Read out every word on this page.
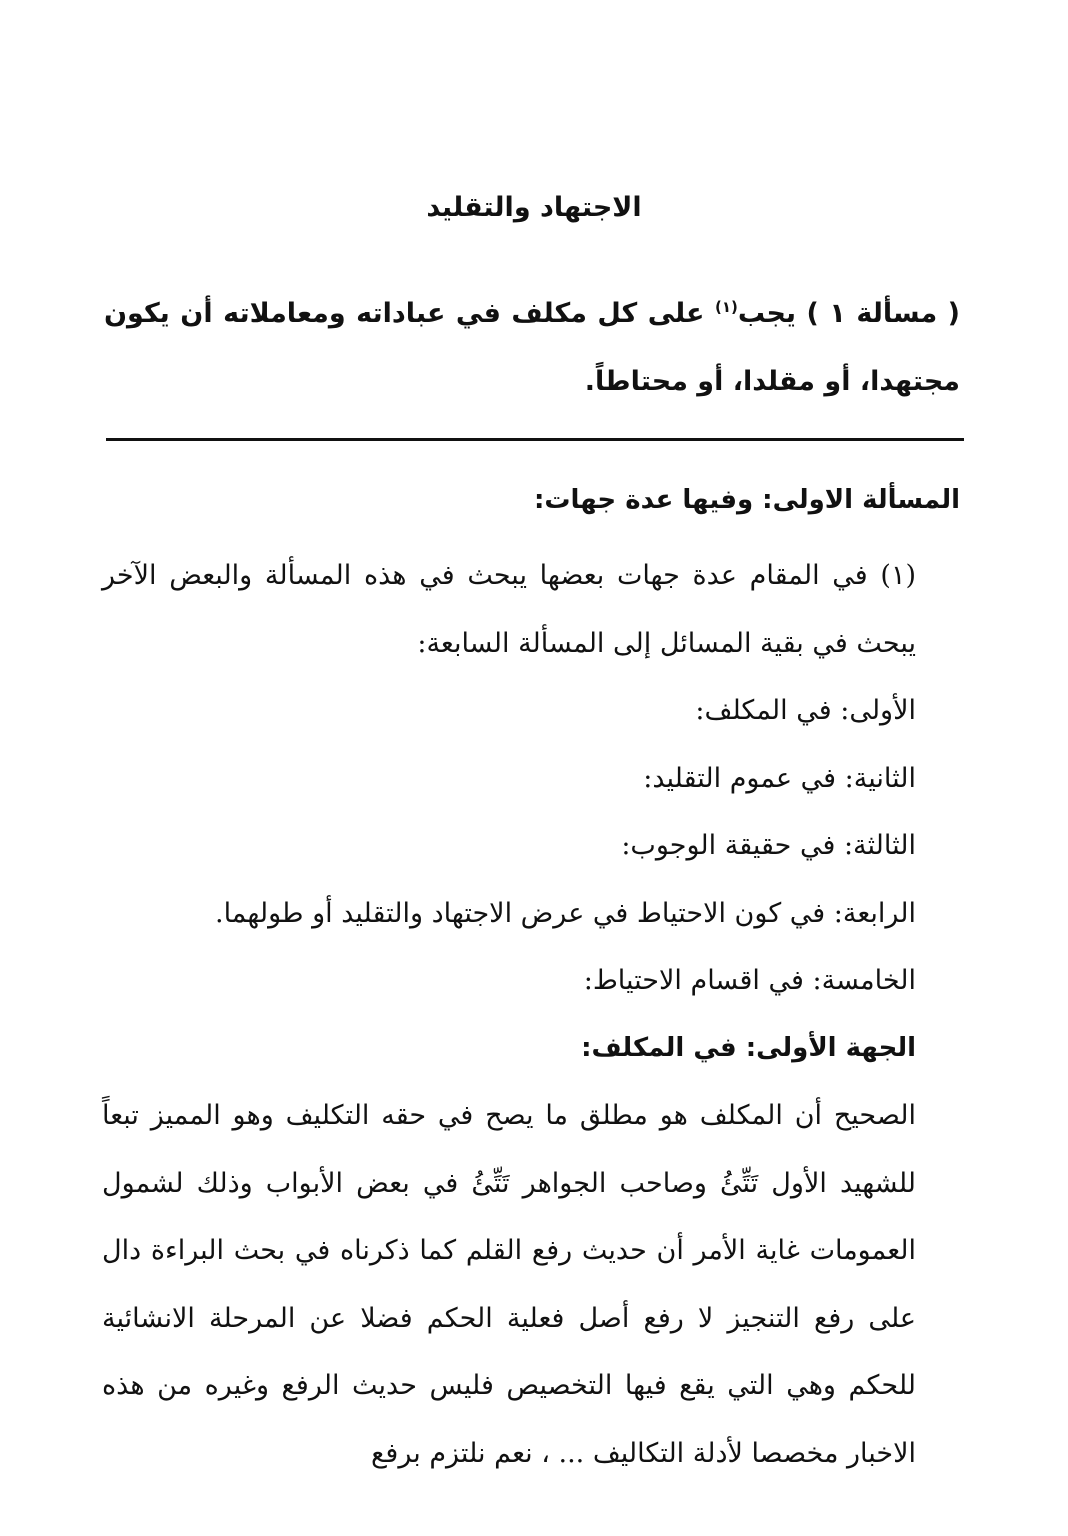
الاجتهاد والتقليد
( مسألة ١ ) يجب$^{(١)}$ على كل مكلف في عباداته ومعاملاته أن يكون مجتهدا، أو مقلدا، أو محتاطاً.
المسألة الاولى: وفيها عدة جهات:

(١) في المقام عدة جهات بعضها يبحث في هذه المسألة والبعض الآخر يبحث في بقية المسائل إلى المسألة السابعة:

الأولى: في المكلف:

الثانية: في عموم التقليد:

الثالثة: في حقيقة الوجوب:

الرابعة: في كون الاحتياط في عرض الاجتهاد والتقليد أو طولهما.

الخامسة: في اقسام الاحتياط:

الجهة الأولى: في المكلف:

الصحيح أن المكلف هو مطلق ما يصح في حقه التكليف وهو المميز تبعاً للشهيد الأول تَتِّئُ وصاحب الجواهر تَتِّئُ في بعض الأبواب وذلك لشمول العمومات غاية الأمر أن حديث رفع القلم كما ذكرناه في بحث البراءة دال على رفع التنجيز لا رفع أصل فعلية الحكم فضلا عن المرحلة الانشائية للحكم وهي التي يقع فيها التخصيص فليس حديث الرفع وغيره من هذه الاخبار مخصصا لأدلة التكاليف ... ، نعم نلتزم برفع
